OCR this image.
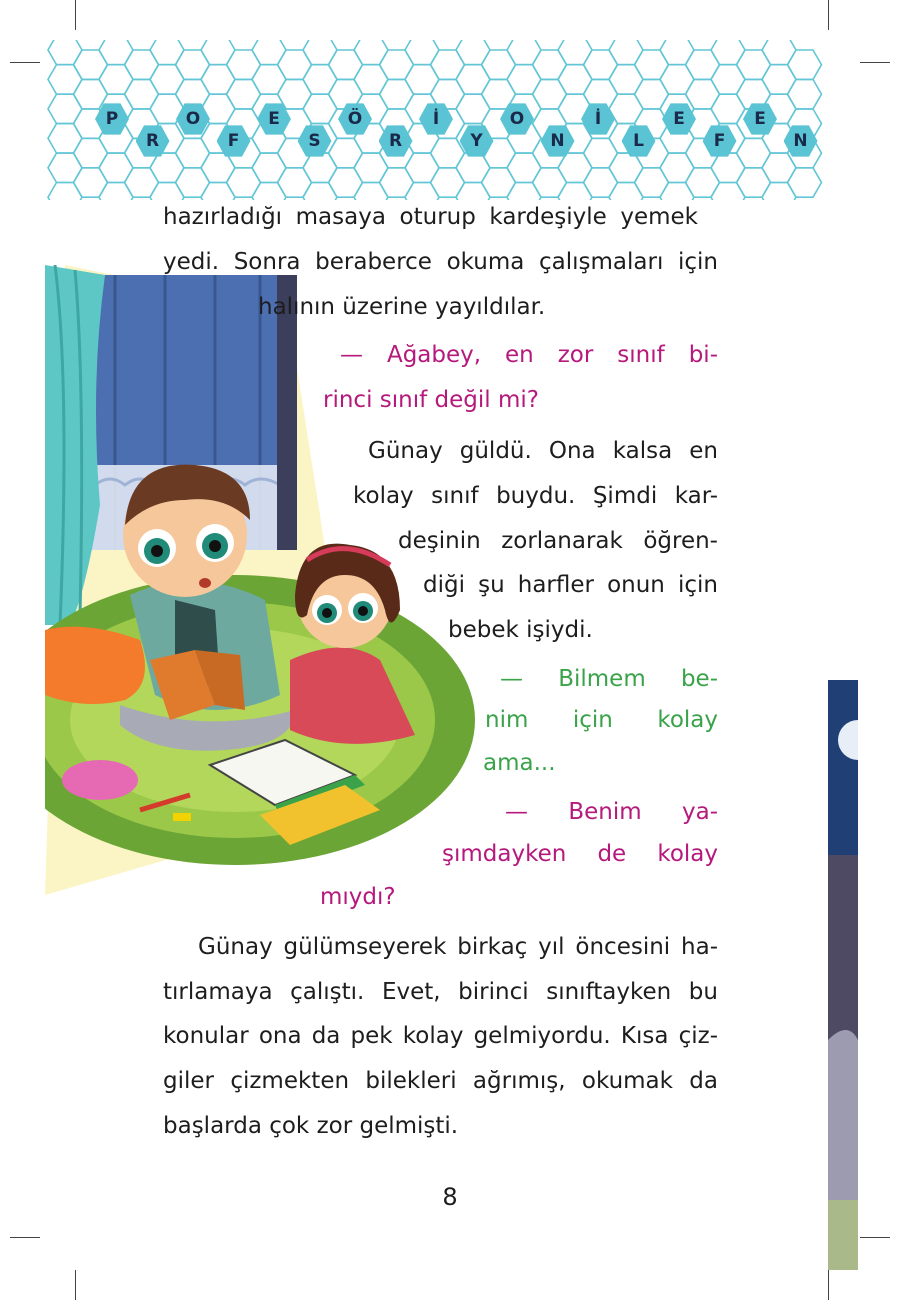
P
R
O
F
E
S
Ö
R
İ
Y
O
N
İ
L
E
F
E
N
hazırladığı masaya oturup kardeşiyle yemek
yedi. Sonra beraberce okuma çalışmaları için
halının üzerine yayıldılar.
— Ağabey, en zor sınıf bi-
rinci sınıf değil mi?
Günay güldü. Ona kalsa en
kolay sınıf buydu. Şimdi kar-
deşinin zorlanarak öğren-
diği şu harfler onun için
bebek işiydi.
— Bilmem be-
nim için kolay
ama...
— Benim ya-
şımdayken de kolay
mıydı?
Günay gülümseyerek birkaç yıl öncesini ha-
tırlamaya çalıştı. Evet, birinci sınıftayken bu
konular ona da pek kolay gelmiyordu. Kısa çiz-
giler çizmekten bilekleri ağrımış, okumak da
başlarda çok zor gelmişti.
8
